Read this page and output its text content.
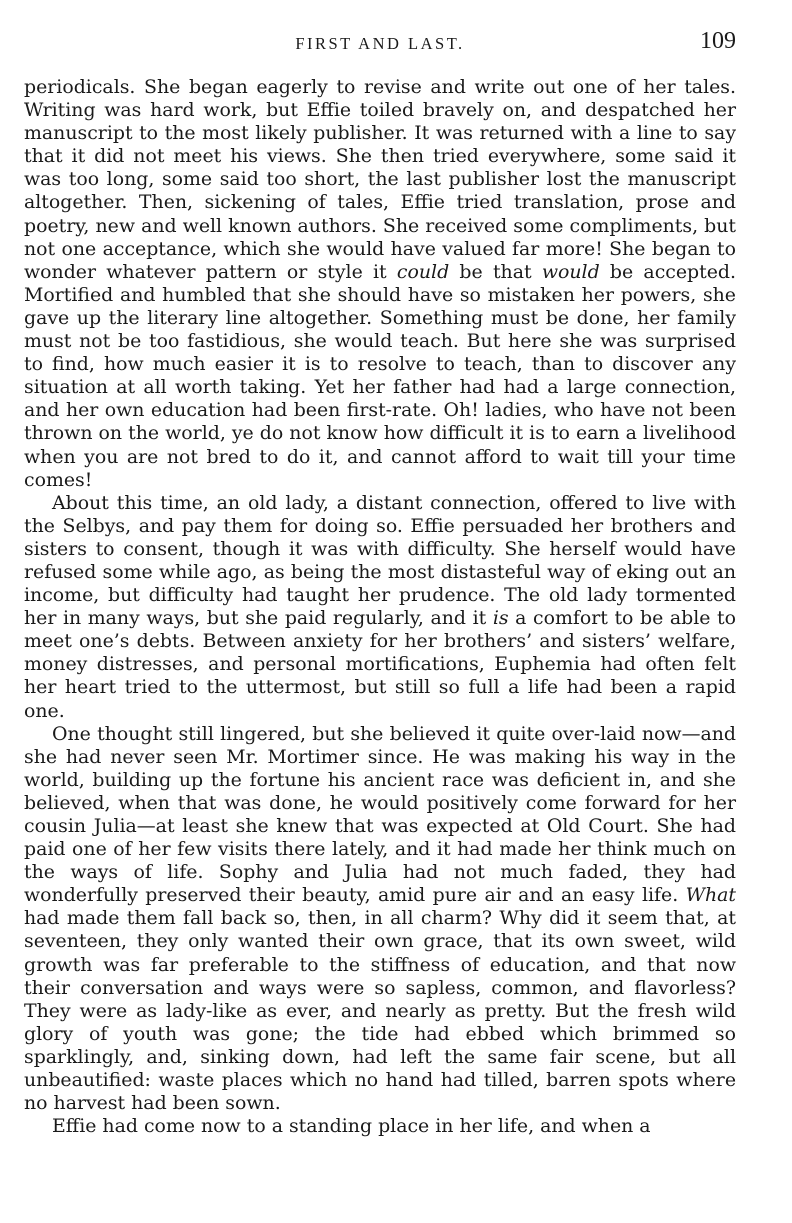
FIRST AND LAST.	109

periodicals. She began eagerly to revise and write out one of her tales. Writing was hard work, but Effie toiled bravely on, and despatched her manuscript to the most likely publisher. It was returned with a line to say that it did not meet his views. She then tried everywhere, some said it was too long, some said too short, the last publisher lost the manuscript altogether. Then, sickening of tales, Effie tried translation, prose and poetry, new and well known authors. She received some compliments, but not one acceptance, which she would have valued far more! She began to wonder whatever pattern or style it could be that would be accepted. Mortified and humbled that she should have so mistaken her powers, she gave up the literary line altogether. Something must be done, her family must not be too fastidious, she would teach. But here she was surprised to find, how much easier it is to resolve to teach, than to discover any situation at all worth taking. Yet her father had had a large connection, and her own education had been first-rate. Oh! ladies, who have not been thrown on the world, ye do not know how difficult it is to earn a livelihood when you are not bred to do it, and cannot afford to wait till your time comes!

About this time, an old lady, a distant connection, offered to live with the Selbys, and pay them for doing so. Effie persuaded her brothers and sisters to consent, though it was with difficulty. She herself would have refused some while ago, as being the most distasteful way of eking out an income, but difficulty had taught her prudence. The old lady tormented her in many ways, but she paid regularly, and it is a comfort to be able to meet one’s debts. Between anxiety for her brothers’ and sisters’ welfare, money distresses, and personal mortifications, Euphemia had often felt her heart tried to the uttermost, but still so full a life had been a rapid one.

One thought still lingered, but she believed it quite over-laid now—and she had never seen Mr. Mortimer since. He was making his way in the world, building up the fortune his ancient race was deficient in, and she believed, when that was done, he would positively come forward for her cousin Julia—at least she knew that was expected at Old Court. She had paid one of her few visits there lately, and it had made her think much on the ways of life. Sophy and Julia had not much faded, they had wonderfully preserved their beauty, amid pure air and an easy life. What had made them fall back so, then, in all charm? Why did it seem that, at seventeen, they only wanted their own grace, that its own sweet, wild growth was far preferable to the stiffness of education, and that now their conversation and ways were so sapless, common, and flavorless? They were as lady-like as ever, and nearly as pretty. But the fresh wild glory of youth was gone; the tide had ebbed which brimmed so sparklingly, and, sinking down, had left the same fair scene, but all unbeautified: waste places which no hand had tilled, barren spots where no harvest had been sown.

Effie had come now to a standing place in her life, and when a
